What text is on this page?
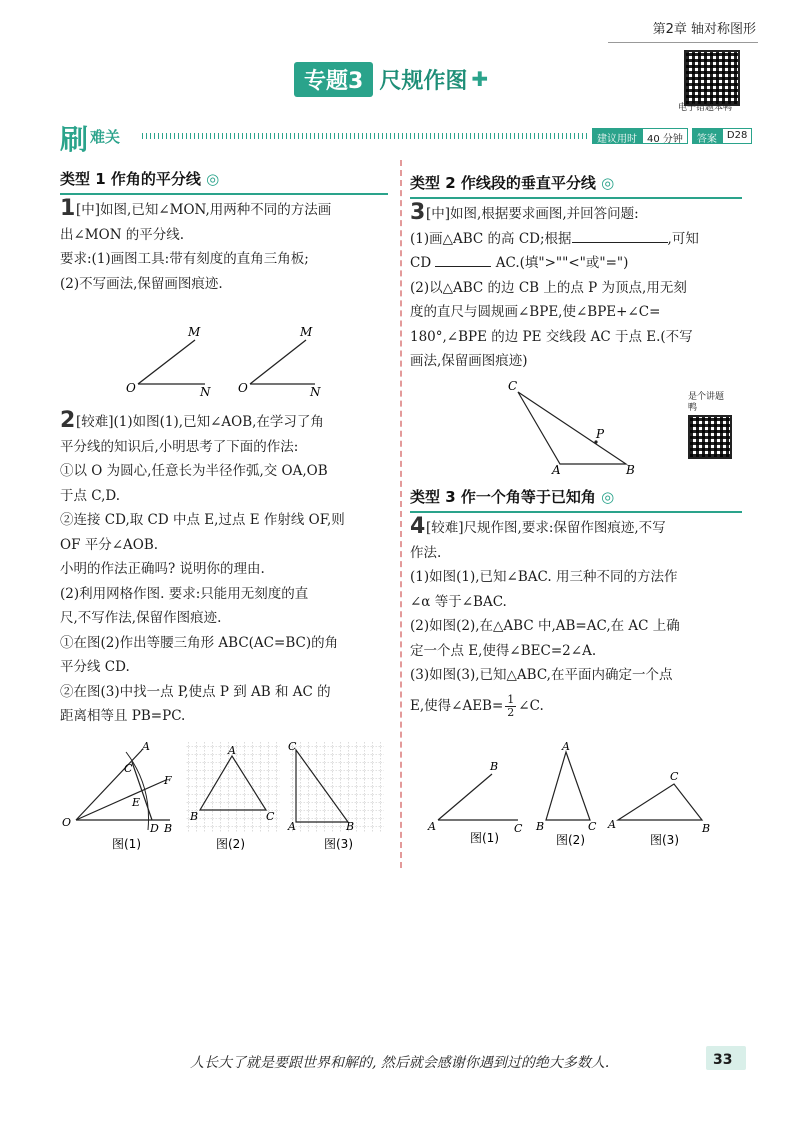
第2章 轴对称图形
专题3 尺规作图 ✚
电子错题本鸭
刷 难关	建议用时	40 分钟	答案	D28
类型 1 作角的平分线 ◎
1 [中]如图,已知∠MON,用两种不同的方法画
出∠MON 的平分线.
要求:(1)画图工具:带有刻度的直角三角板;
(2)不写画法,保留画图痕迹.
M
O	N
M
O	N
2 [较难](1)如图(1),已知∠AOB,在学习了角
平分线的知识后,小明思考了下面的作法:
①以 O 为圆心,任意长为半径作弧,交 OA,OB
于点 C,D.
②连接 CD,取 CD 中点 E,过点 E 作射线 OF,则
OF 平分∠AOB.
小明的作法正确吗? 说明你的理由.
(2)利用网格作图. 要求:只能用无刻度的直
尺,不写作法,保留作图痕迹.
①在图(2)作出等腰三角形 ABC(AC=BC)的角
平分线 CD.
②在图(3)中找一点 P,使点 P 到 AB 和 AC 的
距离相等且 PB=PC.
A
O
C
E
F
D B
图(1)
A
B	C
图(2)
C
A	B
图(3)
类型 2 作线段的垂直平分线 ◎
3 [中]如图,根据要求画图,并回答问题:
(1)画△ABC 的高 CD;根据	,可知
CD	AC.(填">""<"或"=")
(2)以△ABC 的边 CB 上的点 P 为顶点,用无刻
度的直尺与圆规画∠BPE,使∠BPE+∠C=
180°,∠BPE 的边 PE 交线段 AC 于点 E.(不写
画法,保留画图痕迹)
C
A	B
P
是个讲题鸭
类型 3 作一个角等于已知角 ◎
4 [较难]尺规作图,要求:保留作图痕迹,不写
作法.
(1)如图(1),已知∠BAC. 用三种不同的方法作
∠α 等于∠BAC.
(2)如图(2),在△ABC 中,AB=AC,在 AC 上确
定一个点 E,使得∠BEC=2∠A.
(3)如图(3),已知△ABC,在平面内确定一个点
E,使得∠AEB= $\frac{1}{2}$ ∠C.
B
A	C
图(1)
A
B	C
图(2)
C
A	B
图(3)
人长大了就是要跟世界和解的, 然后就会感谢你遇到过的绝大多数人.	33
